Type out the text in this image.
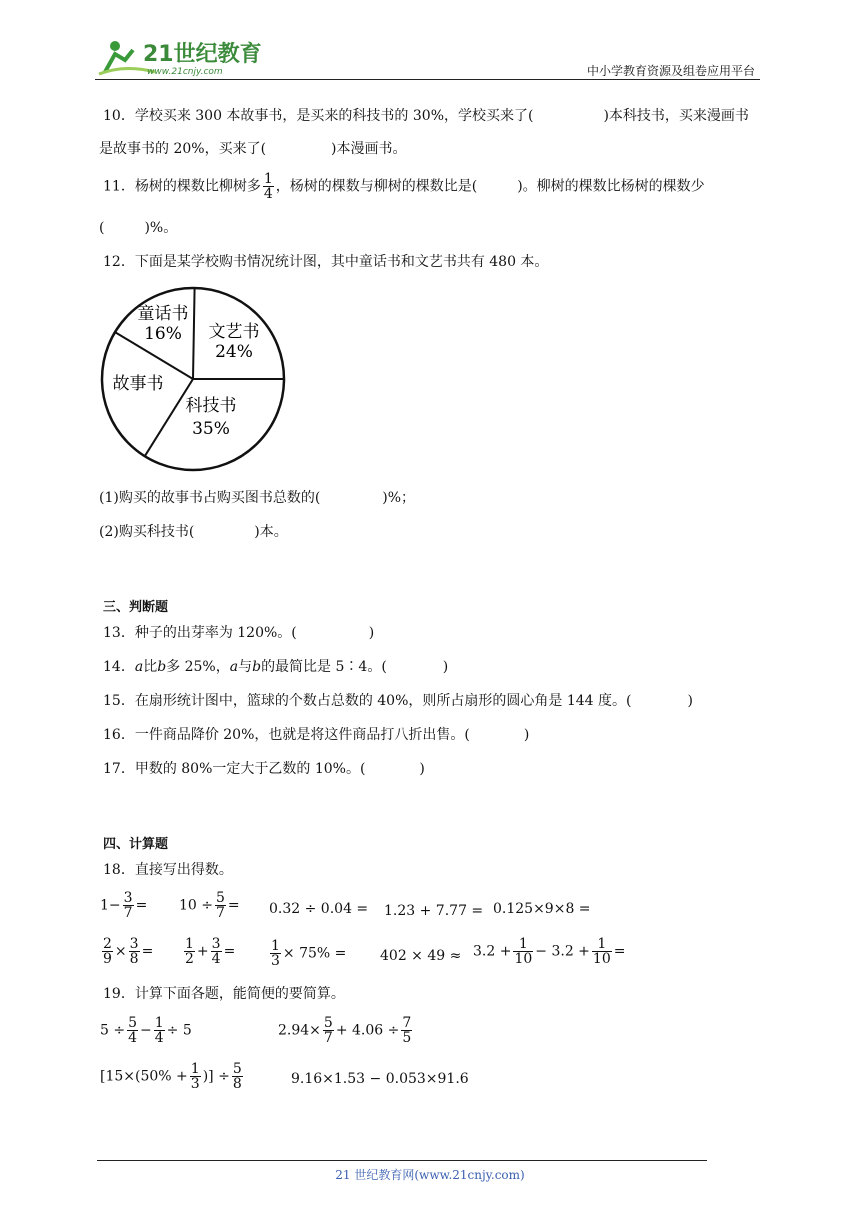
21世纪教育
www.21cnjy.com	中小学教育资源及组卷应用平台
10．学校买来 300 本故事书，是买来的科技书的 30%，学校买来了(	)本科技书，买来漫画书
是故事书的 20%，买来了(	)本漫画书。
11．杨树的棵数比柳树多 $\frac{1}{4}$ ，杨树的棵数与柳树的棵数比是(	)。柳树的棵数比杨树的棵数少
(	)%。
12．下面是某学校购书情况统计图，其中童话书和文艺书共有 480 本。
童话书
16% 文艺书
24%
科技书
35%
故事书
(1)购买的故事书占购买图书总数的(	)%；
(2)购买科技书(	)本。
三、判断题
13．种子的出芽率为 120%。(	)
14．a比b多 25%，a与b的最简比是 5∶4。(	)
15．在扇形统计图中，篮球的个数占总数的 40%，则所占扇形的圆心角是 144 度。(	)
16．一件商品降价 20%，也就是将这件商品打八折出售。(	)
17．甲数的 80%一定大于乙数的 10%。(	)
四、计算题
18．直接写出得数。
$1- \frac{3}{7} = 10 \div \frac{5}{7} = 0.32 \div 0.04 = 1.23 + 7.77 = 0.125\times 9\times 8$ =
$\frac{2}{9} \times \frac{3}{8} = \frac{1}{2} + \frac{3}{4} = \frac{1}{3} \times 75\% = 402 \times 49 \approx 3.2 + \frac{1}{10} - 3.2 + \frac{1}{10}$ =
19．计算下面各题，能简便的要简算。
$5 \div \frac{5}{4} - \frac{1}{4} \div 5$	$2.94\times \frac{5}{7} + 4.06 \div \frac{7}{5}$
[$15\times(50\% + \frac{1}{3}$ )] ÷ $\frac{5}{8}$	9.16×1.53 − 0.053×91.6
21 世纪教育网(www.21cnjy.com)
